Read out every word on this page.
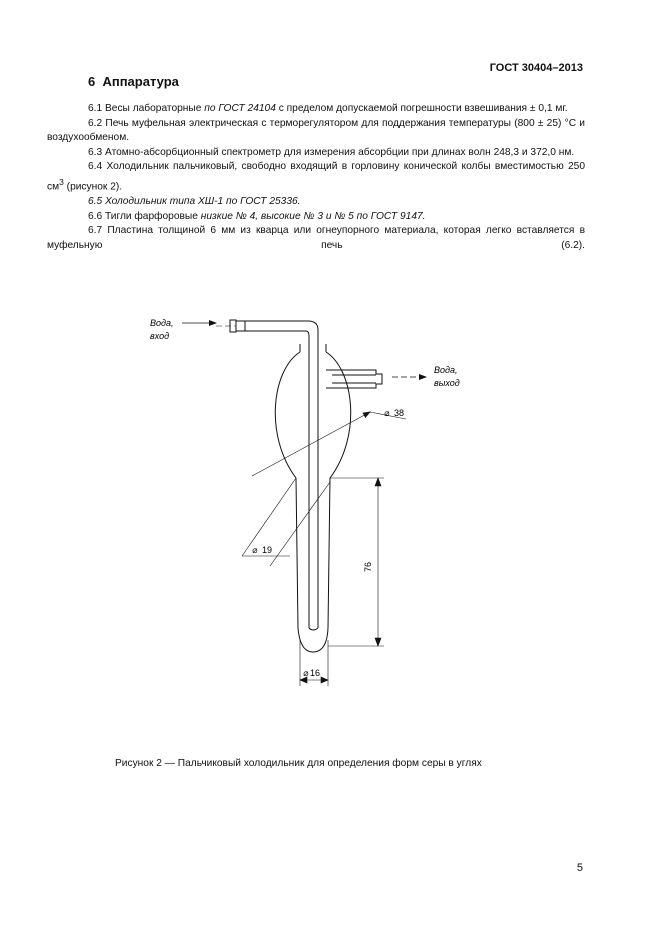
ГОСТ 30404–2013
6 Аппаратура

6.1 Весы лабораторные по ГОСТ 24104 с пределом допускаемой погрешности взвешивания ± 0,1 мг.

6.2 Печь муфельная электрическая с терморегулятором для поддержания температуры (800 ± 25) °С и воздухообменом.

6.3 Атомно-абсорбционный спектрометр для измерения абсорбции при длинах волн 248,3 и 372,0 нм.

6.4 Холодильник пальчиковый, свободно входящий в горловину конической колбы вместимостью 250 $см^3$ (рисунок 2).

6.5 Холодильник типа ХШ-1 по ГОСТ 25336.

6.6 Тигли фарфоровые низкие № 4, высокие № 3 и № 5 по ГОСТ 9147.

6.7 Пластина толщиной 6 мм из кварца или огнеупорного материала, которая легко вставляется в муфельную печь (6.2).

Вода,
вход
Вода,
выход
⌀ 38
⌀ 19
76
⌀ 16
Рисунок 2 — Пальчиковый холодильник для определения форм серы в углях
5
